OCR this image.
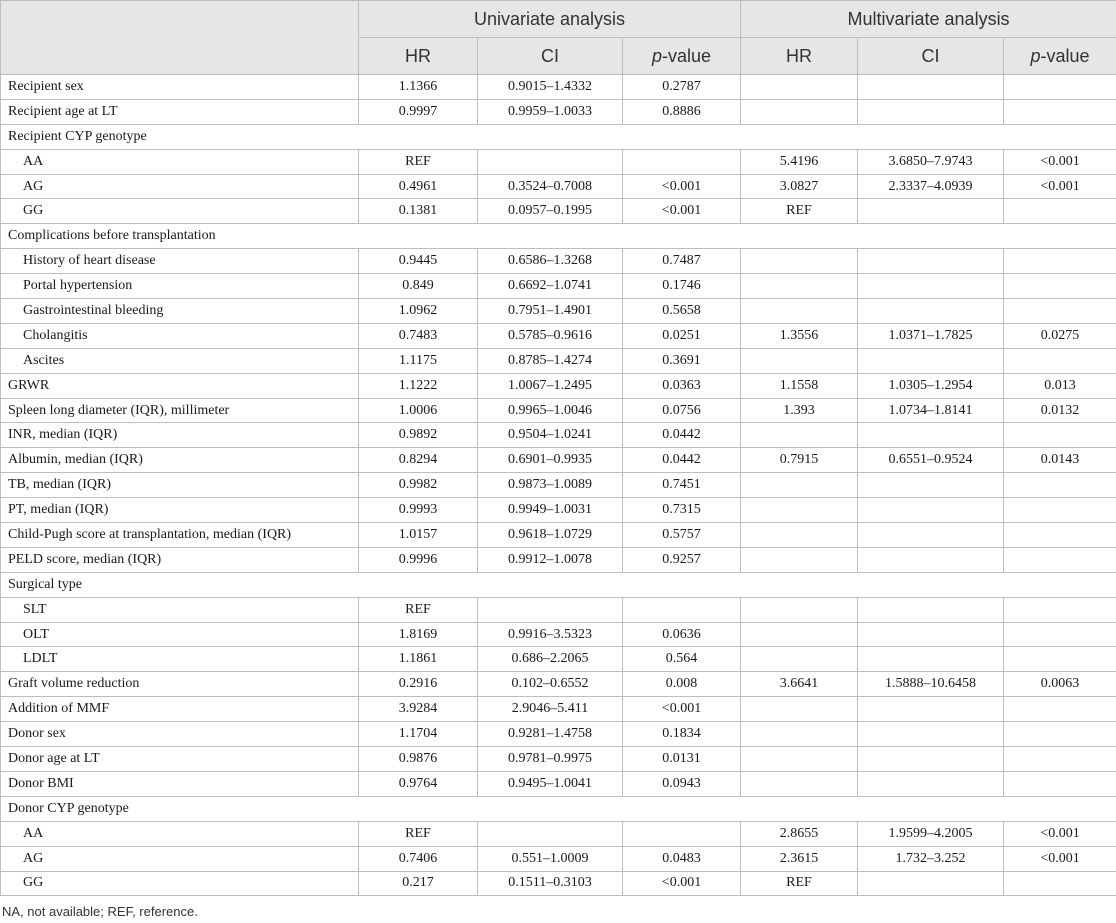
	Univariate analysis			Multivariate analysis		
	HR	CI	p-value	HR	CI	p-value
Recipient sex	1.1366	0.9015–1.4332	0.2787			
Recipient age at LT	0.9997	0.9959–1.0033	0.8886			
Recipient CYP genotype						
AA	REF			5.4196	3.6850–7.9743	<0.001
AG	0.4961	0.3524–0.7008	<0.001	3.0827	2.3337–4.0939	<0.001
GG	0.1381	0.0957–0.1995	<0.001	REF		
Complications before transplantation						
History of heart disease	0.9445	0.6586–1.3268	0.7487			
Portal hypertension	0.849	0.6692–1.0741	0.1746			
Gastrointestinal bleeding	1.0962	0.7951–1.4901	0.5658			
Cholangitis	0.7483	0.5785–0.9616	0.0251	1.3556	1.0371–1.7825	0.0275
Ascites	1.1175	0.8785–1.4274	0.3691			
GRWR	1.1222	1.0067–1.2495	0.0363	1.1558	1.0305–1.2954	0.013
Spleen long diameter (IQR), millimeter	1.0006	0.9965–1.0046	0.0756	1.393	1.0734–1.8141	0.0132
INR, median (IQR)	0.9892	0.9504–1.0241	0.0442			
Albumin, median (IQR)	0.8294	0.6901–0.9935	0.0442	0.7915	0.6551–0.9524	0.0143
TB, median (IQR)	0.9982	0.9873–1.0089	0.7451			
PT, median (IQR)	0.9993	0.9949–1.0031	0.7315			
Child-Pugh score at transplantation, median (IQR)	1.0157	0.9618–1.0729	0.5757			
PELD score, median (IQR)	0.9996	0.9912–1.0078	0.9257			
Surgical type						
SLT	REF					
OLT	1.8169	0.9916–3.5323	0.0636			
LDLT	1.1861	0.686–2.2065	0.564			
Graft volume reduction	0.2916	0.102–0.6552	0.008	3.6641	1.5888–10.6458	0.0063
Addition of MMF	3.9284	2.9046–5.411	<0.001			
Donor sex	1.1704	0.9281–1.4758	0.1834			
Donor age at LT	0.9876	0.9781–0.9975	0.0131			
Donor BMI	0.9764	0.9495–1.0041	0.0943			
Donor CYP genotype						
AA	REF			2.8655	1.9599–4.2005	<0.001
AG	0.7406	0.551–1.0009	0.0483	2.3615	1.732–3.252	<0.001
GG	0.217	0.1511–0.3103	<0.001	REF		
NA, not available; REF, reference.
